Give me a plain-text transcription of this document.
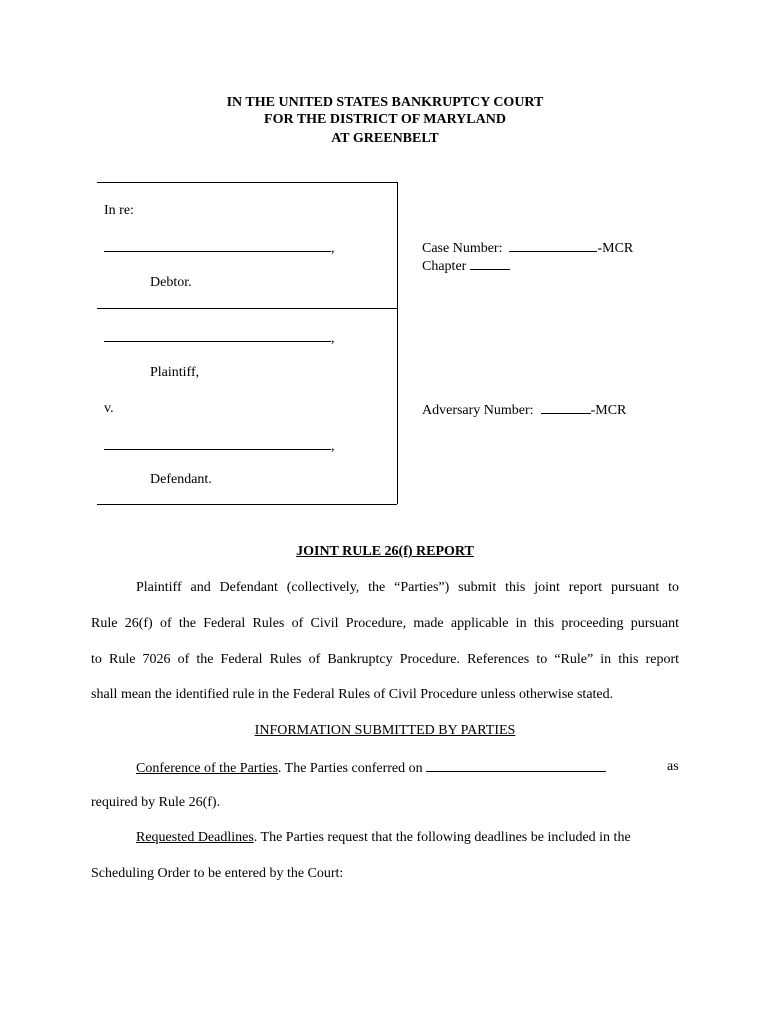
IN THE UNITED STATES BANKRUPTCY COURT
FOR THE DISTRICT OF MARYLAND
AT GREENBELT
In re:
,
Debtor.
,
Plaintiff,
v.
,
Defendant.
Case Number:	-MCR
Chapter
Adversary Number:	-MCR
JOINT RULE 26(f) REPORT
Plaintiff and Defendant (collectively, the “Parties”) submit this joint report pursuant to
Rule 26(f) of the Federal Rules of Civil Procedure, made applicable in this proceeding pursuant
to Rule 7026 of the Federal Rules of Bankruptcy Procedure. References to “Rule” in this report
shall mean the identified rule in the Federal Rules of Civil Procedure unless otherwise stated.
INFORMATION SUBMITTED BY PARTIES
Conference of the Parties. The Parties conferred on	as
required by Rule 26(f).
Requested Deadlines. The Parties request that the following deadlines be included in the
Scheduling Order to be entered by the Court:
